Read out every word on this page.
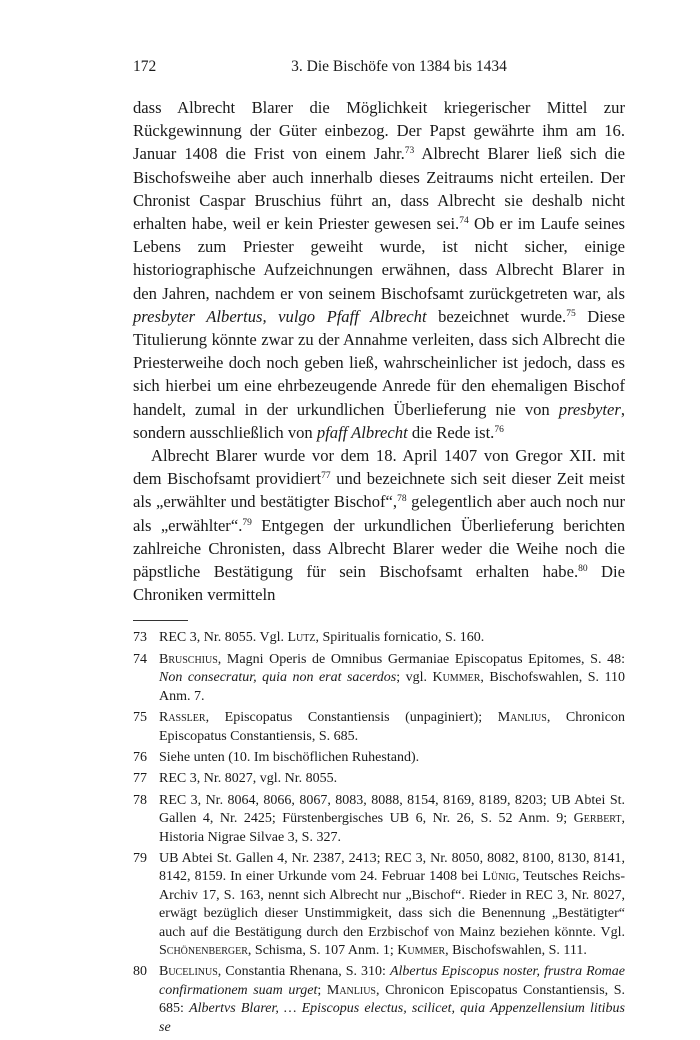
172	3. Die Bischöfe von 1384 bis 1434

dass Albrecht Blarer die Möglichkeit kriegerischer Mittel zur Rückgewinnung der Güter einbezog. Der Papst gewährte ihm am 16. Januar 1408 die Frist von einem Jahr.$^{73}$ Albrecht Blarer ließ sich die Bischofsweihe aber auch innerhalb dieses Zeitraums nicht erteilen. Der Chronist Caspar Bruschius führt an, dass Albrecht sie deshalb nicht erhalten habe, weil er kein Priester gewesen sei.$^{74}$ Ob er im Laufe seines Lebens zum Priester geweiht wurde, ist nicht sicher, einige historiographische Aufzeichnungen erwähnen, dass Albrecht Blarer in den Jahren, nachdem er von seinem Bischofsamt zurückgetreten war, als presbyter Albertus, vulgo Pfaff Albrecht bezeichnet wurde.$^{75}$ Diese Titulierung könnte zwar zu der Annahme verleiten, dass sich Albrecht die Priesterweihe doch noch geben ließ, wahrscheinlicher ist jedoch, dass es sich hierbei um eine ehrbezeugende Anrede für den ehemaligen Bischof handelt, zumal in der urkundlichen Überlieferung nie von presbyter, sondern ausschließlich von pfaff Albrecht die Rede ist.$^{76}$

Albrecht Blarer wurde vor dem 18. April 1407 von Gregor XII. mit dem Bischofsamt providiert$^{77}$ und bezeichnete sich seit dieser Zeit meist als „erwählter und bestätigter Bischof“,$^{78}$ gelegentlich aber auch noch nur als „erwählter“.$^{79}$ Entgegen der urkundlichen Überlieferung berichten zahlreiche Chronisten, dass Albrecht Blarer weder die Weihe noch die päpstliche Bestätigung für sein Bischofsamt erhalten habe.$^{80}$ Die Chroniken vermitteln

73 REC 3, Nr. 8055. Vgl. Lutz, Spiritualis fornicatio, S. 160.
74 Bruschius, Magni Operis de Omnibus Germaniae Episcopatus Epitomes, S. 48: Non consecratur, quia non erat sacerdos; vgl. Kummer, Bischofswahlen, S. 110 Anm. 7.
75 Rassler, Episcopatus Constantiensis (unpaginiert); Manlius, Chronicon Episcopatus Constantiensis, S. 685.
76 Siehe unten (10. Im bischöflichen Ruhestand).
77 REC 3, Nr. 8027, vgl. Nr. 8055.
78 REC 3, Nr. 8064, 8066, 8067, 8083, 8088, 8154, 8169, 8189, 8203; UB Abtei St. Gallen 4, Nr. 2425; Fürstenbergisches UB 6, Nr. 26, S. 52 Anm. 9; Gerbert, Historia Nigrae Silvae 3, S. 327.
79 UB Abtei St. Gallen 4, Nr. 2387, 2413; REC 3, Nr. 8050, 8082, 8100, 8130, 8141, 8142, 8159. In einer Urkunde vom 24. Februar 1408 bei Lünig, Teutsches Reichs-Archiv 17, S. 163, nennt sich Albrecht nur „Bischof“. Rieder in REC 3, Nr. 8027, erwägt bezüglich dieser Unstimmigkeit, dass sich die Benennung „Bestätigter“ auch auf die Bestätigung durch den Erzbischof von Mainz beziehen könnte. Vgl. Schönenberger, Schisma, S. 107 Anm. 1; Kummer, Bischofswahlen, S. 111.
80 Bucelinus, Constantia Rhenana, S. 310: Albertus Episcopus noster, frustra Romae confirmationem suam urget; Manlius, Chronicon Episcopatus Constantiensis, S. 685: Albertvs Blarer, … Episcopus electus, scilicet, quia Appenzellensium litibus se
